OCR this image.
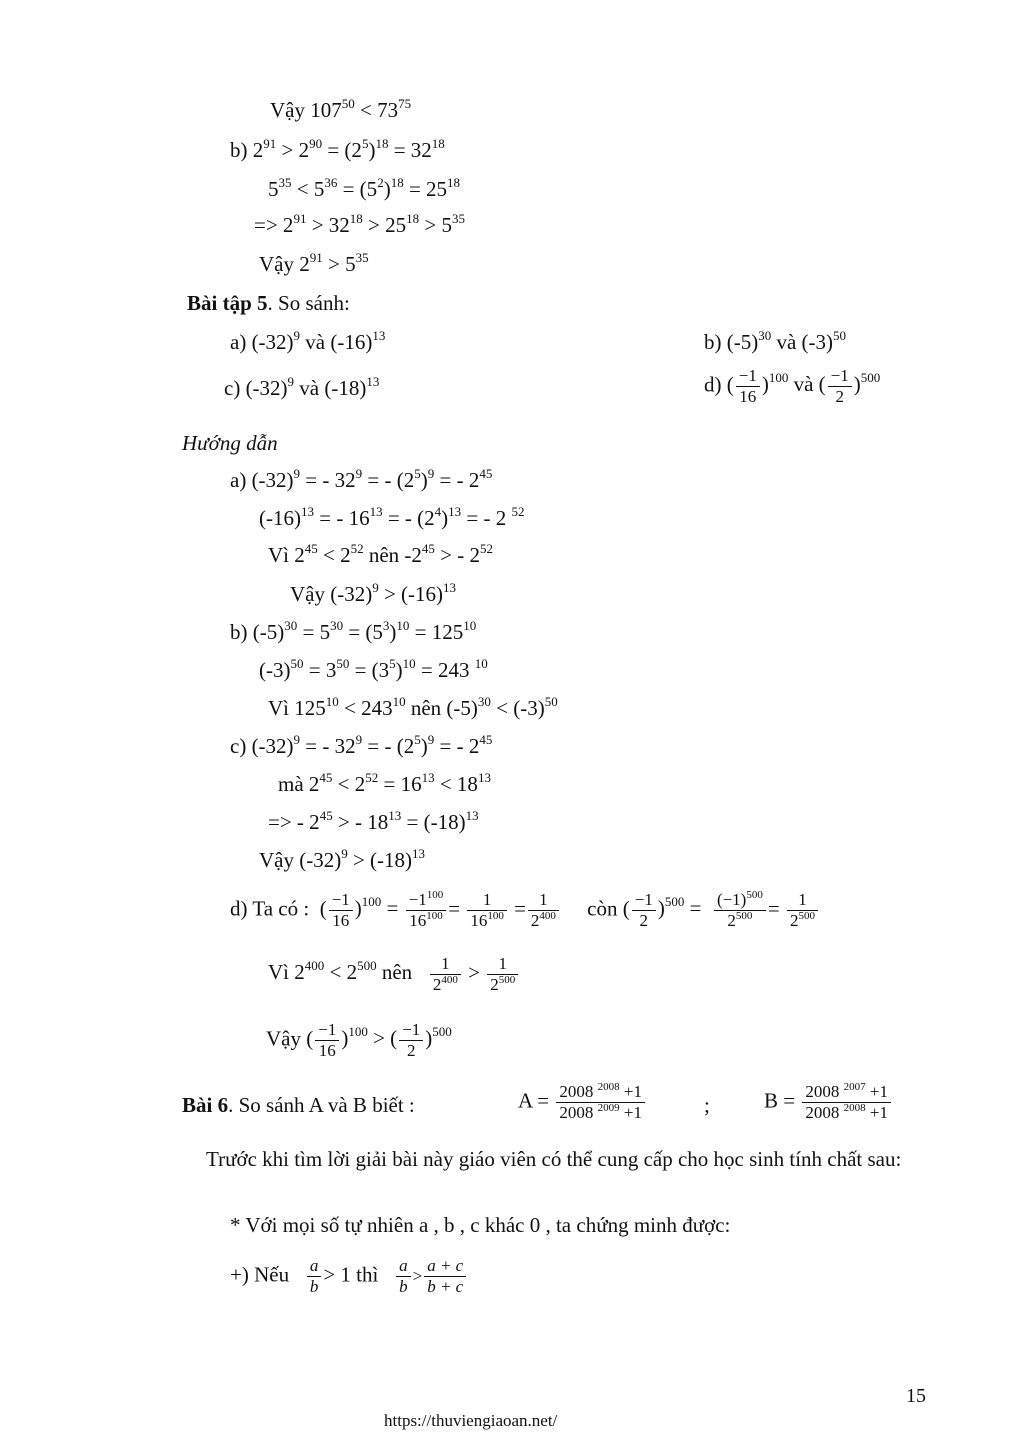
Vậy $107^{50} < 73^{75}$
b) $2^{91} > 2^{90} = (2^5)^{18} = 32^{18}$
$5^{35} < 5^{36} = (5^2)^{18} = 25^{18}$
=> $2^{91} > 32^{18} > 25^{18} > 5^{35}$
Vậy $2^{91} > 5^{35}$
Bài tập 5. So sánh:
a) $(-32)^9$ và $(-16)^{13}$	b) $(-5)^{30}$ và $(-3)^{50}$
c) $(-32)^9$ và $(-18)^{13}$	d) ( $\frac{-1}{16} )^{100}$ và ( $\frac{-1}{2} )^{500}$
Hướng dẫn
a) $(-32)^9$ = - $32^9$ = - $(2^5)^9$ = - $2^{45}$
$(-16)^{13}$ = - $16^{13}$ = - $(2^4)^{13}$ = - 2 $^{52}$
Vì $2^{45} < 2^{52}$ nên $-2^{45}$ > - $2^{52}$
Vậy $(-32)^9 > (-16)^{13}$
b) $(-5)^{30} = 5^{30} = (5^3)^{10} = 125^{10}$
$(-3)^{50} = 3^{50} = (3^5)^{10} = 243$ $^{10}$
Vì $125^{10} < 243^{10}$ nên $(-5)^{30} < (-3)^{50}$
c) $(-32)^9$ = - $32^9$ = - $(2^5)^9$ = - $2^{45}$
mà $2^{45} < 2^{52} = 16^{13} < 18^{13}$
=> - $2^{45}$ > - $18^{13} = (-18)^{13}$
Vậy $(-32)^9 > (-18)^{13}$
d) Ta có :  ( $\frac{-1}{16} )^{100} = \frac{-1^{100}}{16^{100}} = \frac{1}{16^{100}} = \frac{1}{2^{400}}$ còn ( $\frac{-1}{2} )^{500} = \frac{(-1)^{500}}{2^{500}} = \frac{1}{2^{500}}$
Vì $2^{400} < 2^{500}$ nên $\frac{1}{2^{400}} > \frac{1}{2^{500}}$
Vậy ( $\frac{-1}{16} )^{100}$ > ( $\frac{-1}{2} )^{500}$
Bài 6. So sánh A và B biết :	$A = \frac{2008 ^{2008} +1}{2008 ^{2009} +1}$	;	$B = \frac{2008 ^{2007} +1}{2008 ^{2008} +1}$
Trước khi tìm lời giải bài này giáo viên có thể cung cấp cho học sinh tính chất sau:
* Với mọi số tự nhiên a , b , c khác 0 , ta chứng minh được:
+) Nếu $\frac{a}{b} > 1$ thì $\frac{a}{b} > \frac{a + c}{b + c}$
15
https://thuviengiaoan.net/
